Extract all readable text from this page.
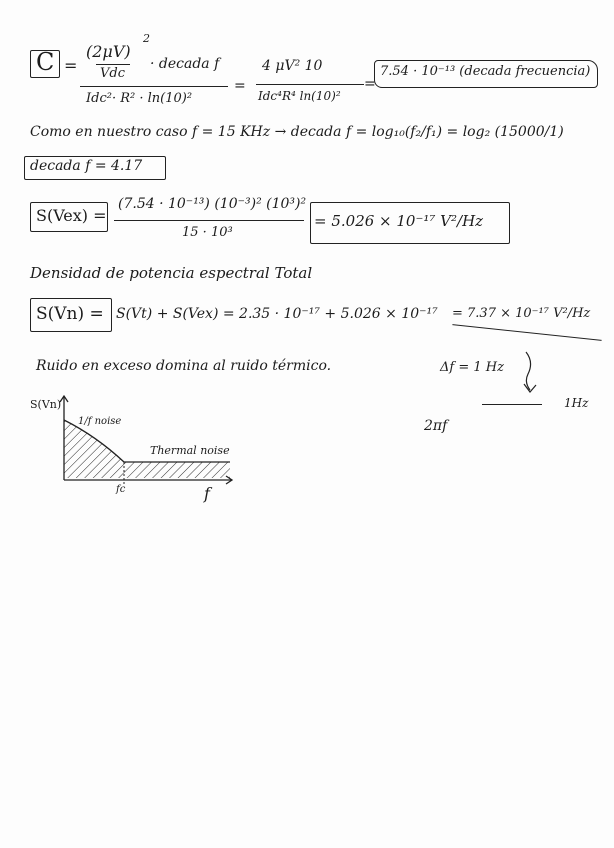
C =
(2μV)
Vdc
2
· decada f
Idc²· R² · ln(10)²
=
4 μV² 10
Idc⁴R⁴ ln(10)²
=
7.54 · 10⁻¹³ (decada frecuencia)
Como en nuestro caso f = 15 KHz → decada f = log₁₀(f₂/f₁) = log₂ (15000/1)
decada f = 4.17
S(Vex) =
(7.54 · 10⁻¹³) (10⁻³)² (10³)²
15 · 10³
= 5.026 × 10⁻¹⁷ V²/Hz
Densidad de potencia espectral Total
S(Vn) = S(Vt) + S(Vex) = 2.35 · 10⁻¹⁷ + 5.026 × 10⁻¹⁷ = 7.37 × 10⁻¹⁷ V²/Hz
Ruido en exceso domina al ruido térmico.	Δf = 1 Hz
2πf
1Hz
S(Vn)
1/f noise
Thermal noise
fc	f
